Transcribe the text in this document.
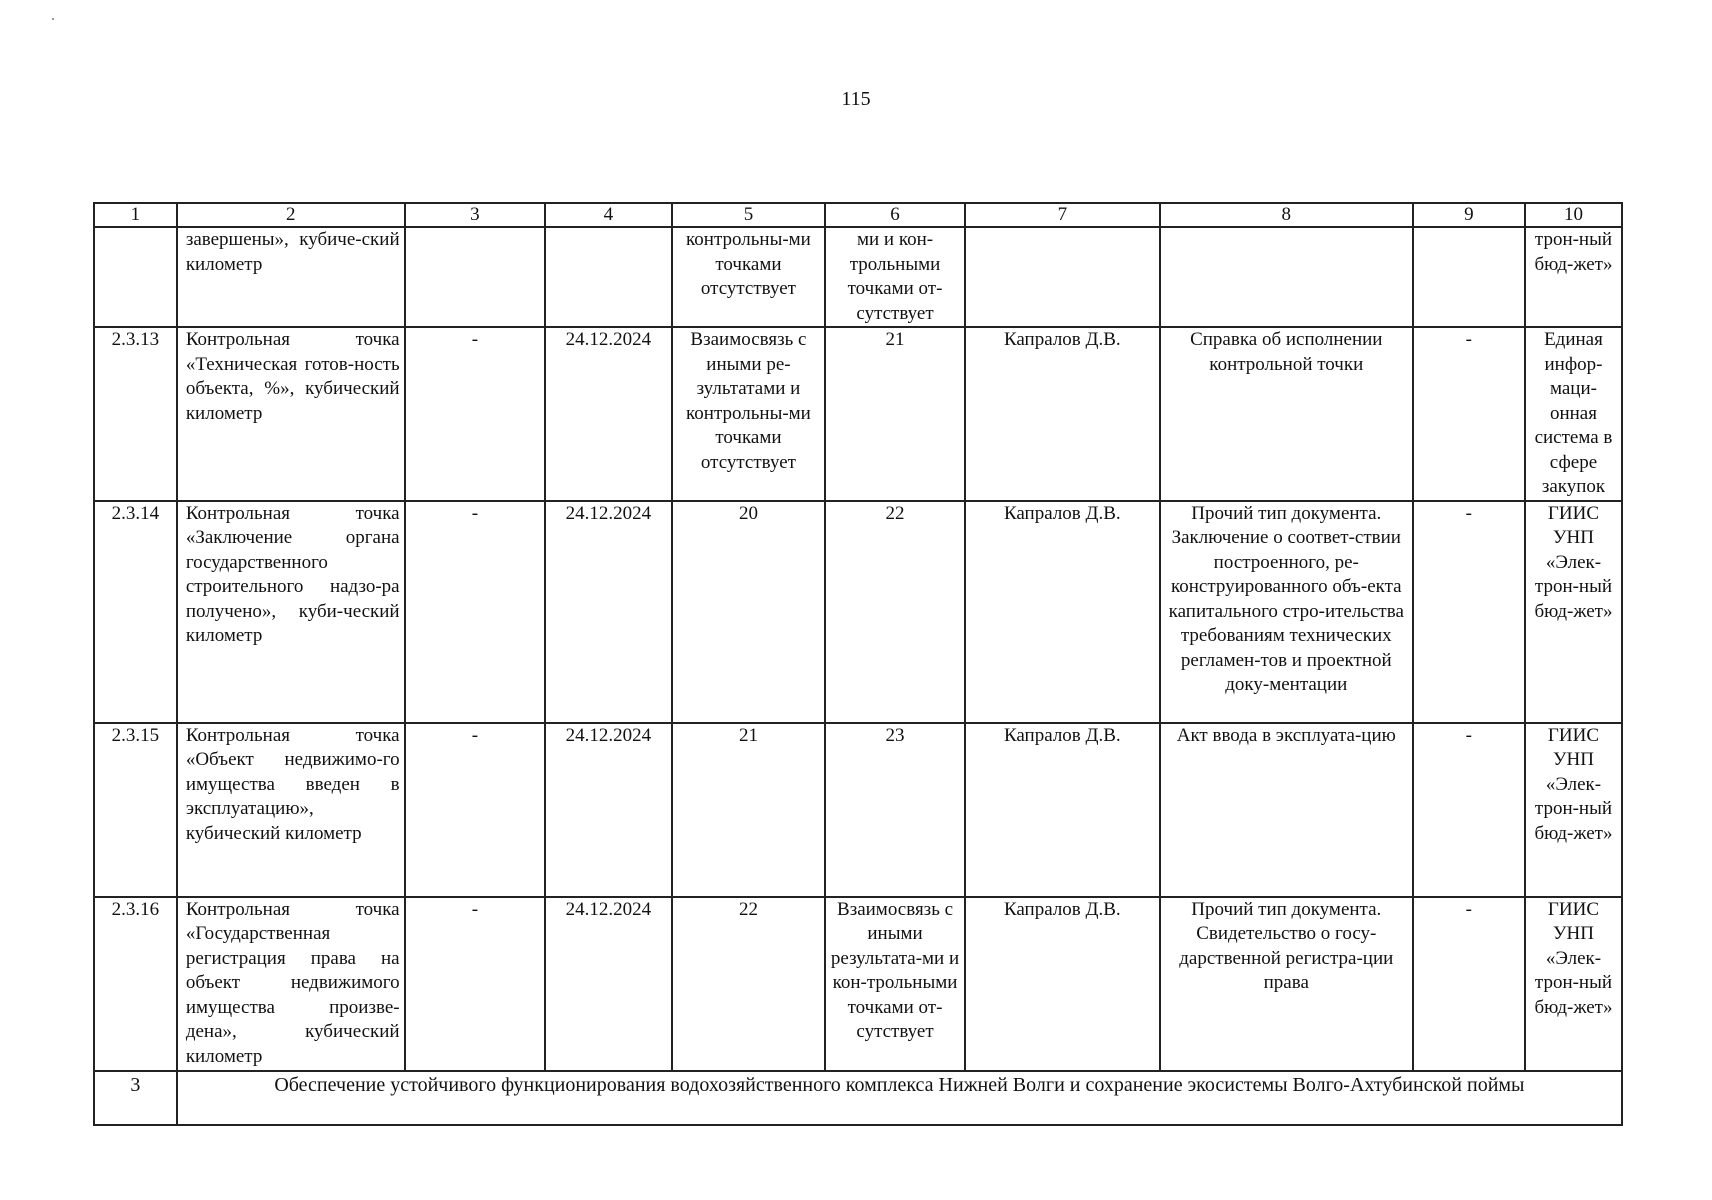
115
1	2	3	4	5	6	7	8	9	10
	завершены», кубиче-ский километр			контрольны-ми точками отсутствует	ми и кон-трольными точками от-сутствует				трон-ный бюд-жет»
2.3.13	Контрольная точка «Техническая готов-ность объекта, %», кубический километр	-	24.12.2024	Взаимосвязь с иными ре-зультатами и контрольны-ми точками отсутствует	21	Капралов Д.В.	Справка об исполнении контрольной точки	-	Единая инфор-маци-онная система в сфере закупок
2.3.14	Контрольная точка «Заключение органа государственного строительного надзо-ра получено», куби-ческий километр	-	24.12.2024	20	22	Капралов Д.В.	Прочий тип документа. Заключение о соответ-ствии построенного, ре-конструированного объ-екта капитального стро-ительства требованиям технических регламен-тов и проектной доку-ментации	-	ГИИС УНП «Элек-трон-ный бюд-жет»
2.3.15	Контрольная точка «Объект недвижимо-го имущества введен в эксплуатацию», кубический километр	-	24.12.2024	21	23	Капралов Д.В.	Акт ввода в эксплуата-цию	-	ГИИС УНП «Элек-трон-ный бюд-жет»
2.3.16	Контрольная точка «Государственная регистрация права на объект недвижимого имущества произве-дена», кубический километр	-	24.12.2024	22	Взаимосвязь с иными результата-ми и кон-трольными точками от-сутствует	Капралов Д.В.	Прочий тип документа. Свидетельство о госу-дарственной регистра-ции права	-	ГИИС УНП «Элек-трон-ный бюд-жет»
3	Обеспечение устойчивого функционирования водохозяйственного комплекса Нижней Волги и сохранение экосистемы Волго-Ахтубинской поймы								
